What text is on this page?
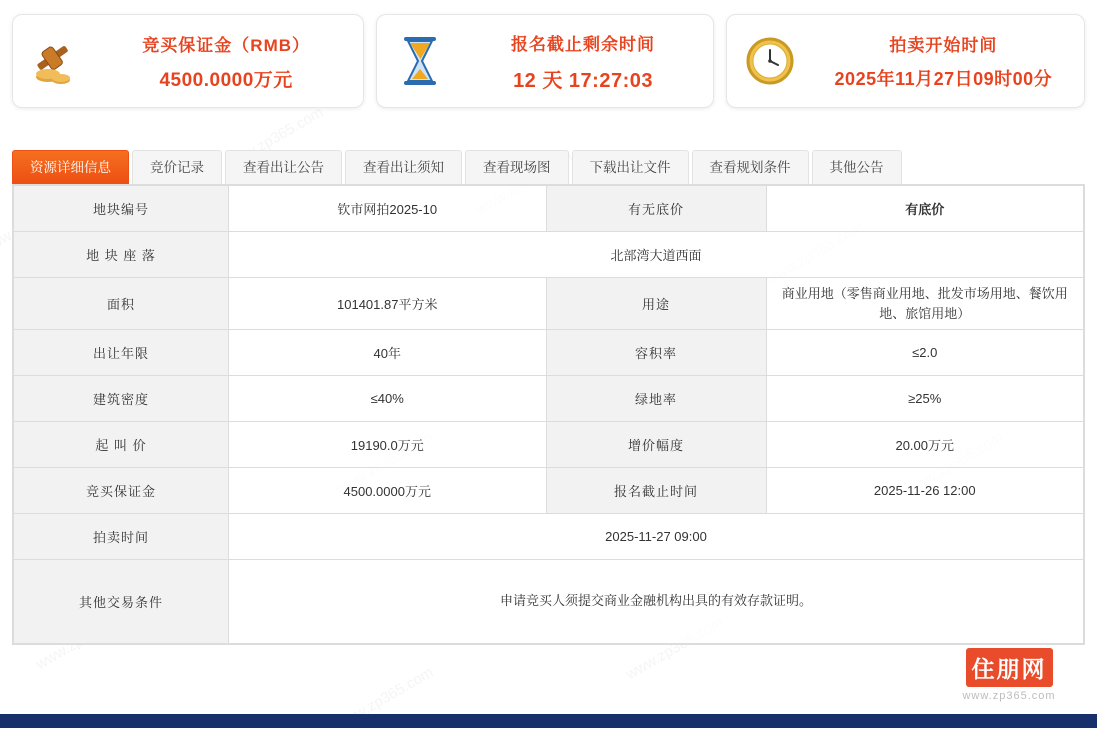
竞买保证金（RMB）
4500.0000万元
报名截止剩余时间
12 天 17:27:03
拍卖开始时间
2025年11月27日09时00分
资源详细信息	竞价记录	查看出让公告	查看出让须知	查看现场图	下载出让文件	查看规划条件	其他公告
地块编号	钦市网拍2025-10	有无底价	有底价
地 块 座 落	北部湾大道西面		
面积	101401.87平方米	用途	商业用地（零售商业用地、批发市场用地、餐饮用地、旅馆用地）
出让年限	40年	容积率	≤2.0
建筑密度	≤40%	绿地率	≥25%
起 叫 价	19190.0万元	增价幅度	20.00万元
竞买保证金	4500.0000万元	报名截止时间	2025-11-26 12:00
拍卖时间	2025-11-27 09:00		
其他交易条件	申请竞买人须提交商业金融机构出具的有效存款证明。		
住朋网
www.zp365.com
